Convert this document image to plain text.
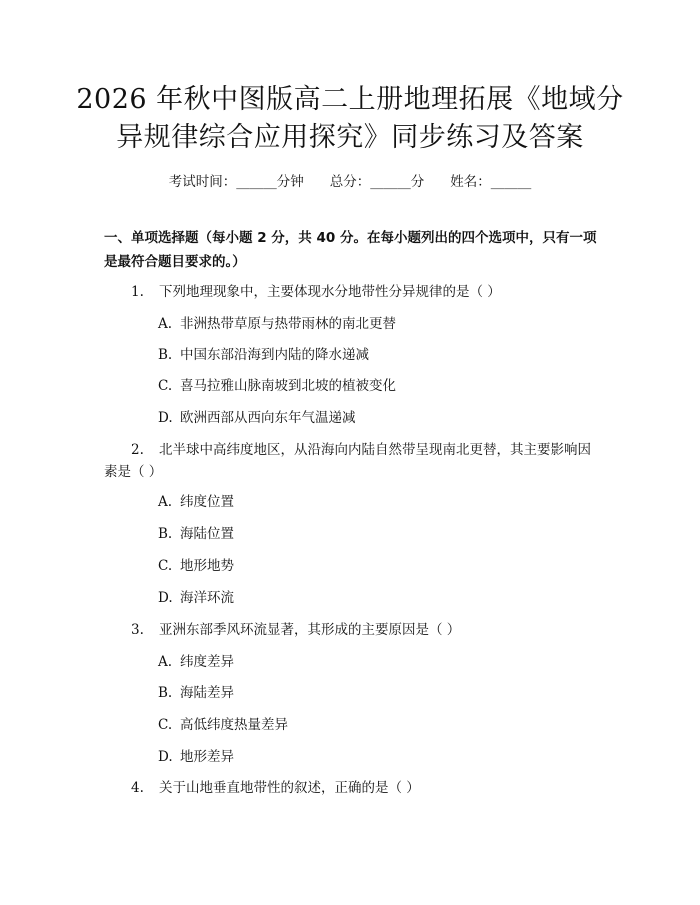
2026 年秋中图版高二上册地理拓展《地域分
异规律综合应用探究》同步练习及答案
考试时间：______分钟 总分：______分 姓名：______

一、单项选择题（每小题 2 分，共 40 分。在每小题列出的四个选项中，只有一项

是最符合题目要求的。）

1.	下列地理现象中，主要体现水分地带性分异规律的是（ ）
A. 非洲热带草原与热带雨林的南北更替
B. 中国东部沿海到内陆的降水递减
C. 喜马拉雅山脉南坡到北坡的植被变化
D. 欧洲西部从西向东年气温递减
2.	北半球中高纬度地区，从沿海向内陆自然带呈现南北更替，其主要影响因
素是（ ）
A. 纬度位置
B. 海陆位置
C. 地形地势
D. 海洋环流
3.	亚洲东部季风环流显著，其形成的主要原因是（ ）
A. 纬度差异
B. 海陆差异
C. 高低纬度热量差异
D. 地形差异
4.	关于山地垂直地带性的叙述，正确的是（ ）
